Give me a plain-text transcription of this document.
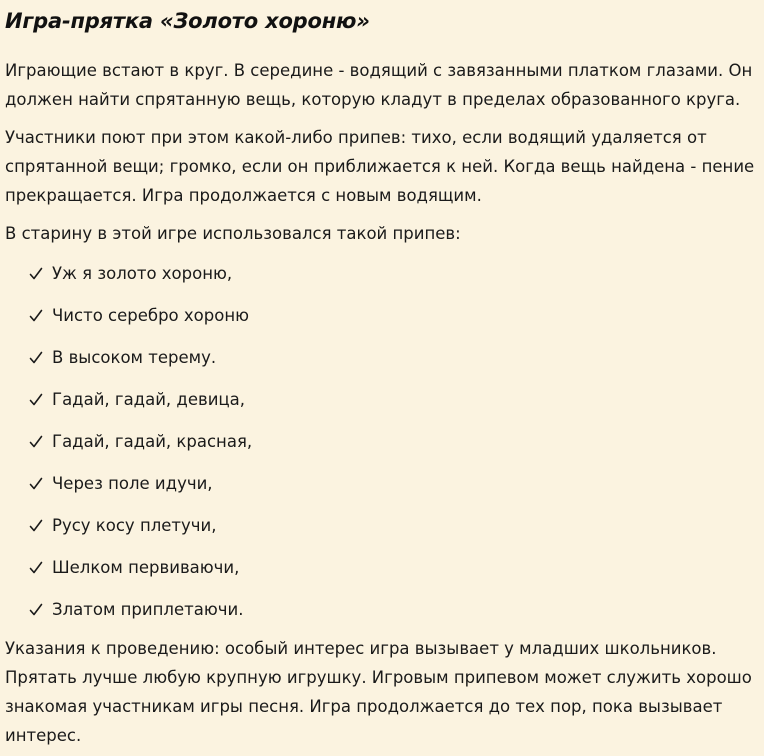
Игра-прятка «Золото хороню»

Играющие встают в круг. В середине - водящий с завязанными платком глазами. Он должен найти спрятанную вещь, которую кладут в пределах образованного круга.

Участники поют при этом какой-либо припев: тихо, если водящий удаляется от спрятанной вещи; громко, если он приближается к ней. Когда вещь найдена - пение прекращается. Игра продолжается с новым водящим.

В старину в этой игре использовался такой припев:

Уж я золото хороню,
Чисто серебро хороню
В высоком терему.
Гадай, гадай, девица,
Гадай, гадай, красная,
Через поле идучи,
Русу косу плетучи,
Шелком первиваючи,
Златом приплетаючи.

Указания к проведению: особый интерес игра вызывает у младших школьников. Прятать лучше любую крупную игрушку. Игровым припевом может служить хорошо знакомая участникам игры песня. Игра продолжается до тех пор, пока вызывает интерес.
